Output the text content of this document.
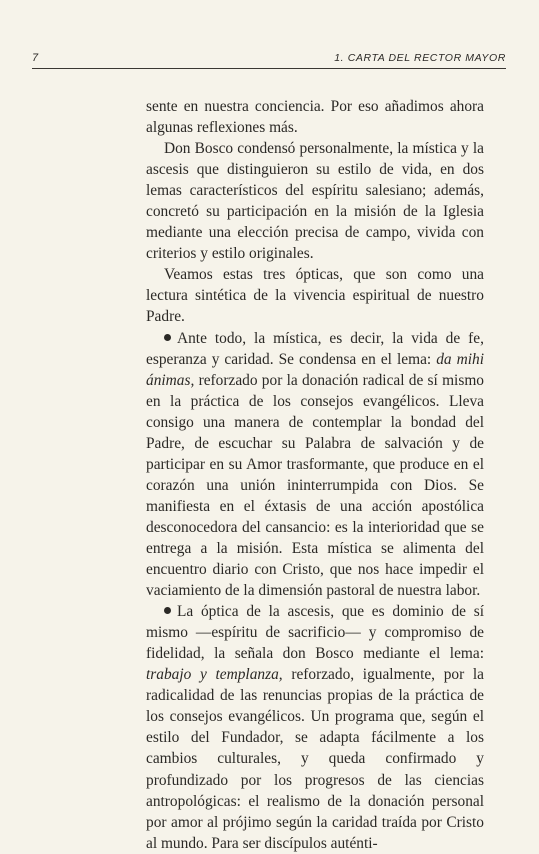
7	1. CARTA DEL RECTOR MAYOR

sente en nuestra conciencia. Por eso añadimos ahora algunas reflexiones más.

Don Bosco condensó personalmente, la mística y la ascesis que distinguieron su estilo de vida, en dos lemas característicos del espíritu salesiano; además, concretó su participación en la misión de la Iglesia mediante una elección precisa de campo, vivida con criterios y estilo originales.

Veamos estas tres ópticas, que son como una lectura sintética de la vivencia espiritual de nuestro Padre.

Ante todo, la mística, es decir, la vida de fe, esperanza y caridad. Se condensa en el lema: da mihi ánimas, reforzado por la donación radical de sí mismo en la práctica de los consejos evangélicos. Lleva consigo una manera de contemplar la bondad del Padre, de escuchar su Palabra de salvación y de participar en su Amor trasformante, que produce en el corazón una unión ininterrumpida con Dios. Se manifiesta en el éxtasis de una acción apostólica desconocedora del cansancio: es la interioridad que se entrega a la misión. Esta mística se alimenta del encuentro diario con Cristo, que nos hace impedir el vaciamiento de la dimensión pastoral de nuestra labor.

La óptica de la ascesis, que es dominio de sí mismo —espíritu de sacrificio— y compromiso de fidelidad, la señala don Bosco mediante el lema: trabajo y templanza, reforzado, igualmente, por la radicalidad de las renuncias propias de la práctica de los consejos evangélicos. Un programa que, según el estilo del Fundador, se adapta fácilmente a los cambios culturales, y queda confirmado y profundizado por los progresos de las ciencias antropológicas: el realismo de la donación personal por amor al prójimo según la caridad traída por Cristo al mundo. Para ser discípulos auténti-
